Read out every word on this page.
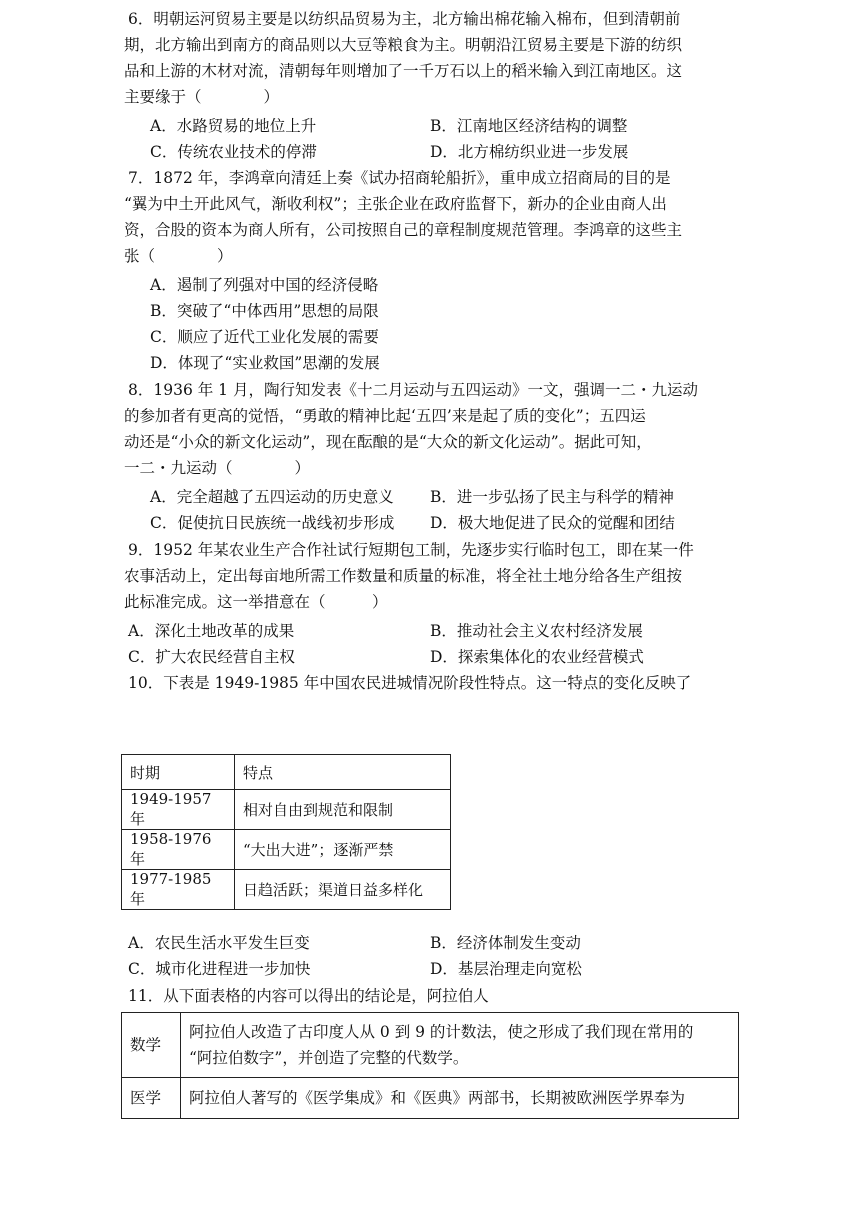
6．明朝运河贸易主要是以纺织品贸易为主，北方输出棉花输入棉布，但到清朝前
期，北方输出到南方的商品则以大豆等粮食为主。明朝沿江贸易主要是下游的纺织
品和上游的木材对流，清朝每年则增加了一千万石以上的稻米输入到江南地区。这
主要缘于（　　　　）
A．水路贸易的地位上升	B．江南地区经济结构的调整
C．传统农业技术的停滞	D．北方棉纺织业进一步发展
7．1872 年，李鸿章向清廷上奏《试办招商轮船折》，重申成立招商局的目的是
“翼为中土开此风气，渐收利权”；主张企业在政府监督下，新办的企业由商人出
资，合股的资本为商人所有，公司按照自己的章程制度规范管理。李鸿章的这些主
张（　　　　）
A．遏制了列强对中国的经济侵略
B．突破了“中体西用”思想的局限
C．顺应了近代工业化发展的需要
D．体现了“实业救国”思潮的发展
8．1936 年 1 月，陶行知发表《十二月运动与五四运动》一文，强调一二・九运动
的参加者有更高的觉悟，“勇敢的精神比起‘五四’来是起了质的变化”；五四运
动还是“小众的新文化运动”，现在酝酿的是“大众的新文化运动”。据此可知，
一二・九运动（　　　　）
A．完全超越了五四运动的历史意义 B．进一步弘扬了民主与科学的精神
C．促使抗日民族统一战线初步形成 D．极大地促进了民众的觉醒和团结
9．1952 年某农业生产合作社试行短期包工制，先逐步实行临时包工，即在某一件
农事活动上，定出每亩地所需工作数量和质量的标准，将全社土地分给各生产组按
此标准完成。这一举措意在（　　　）
A．深化土地改革的成果	B．推动社会主义农村经济发展
C．扩大农民经营自主权	D．探索集体化的农业经营模式
10．下表是 1949-1985 年中国农民进城情况阶段性特点。这一特点的变化反映了
时期	特点
1949-1957 年	相对自由到规范和限制
1958-1976 年	“大出大进”；逐渐严禁
1977-1985 年	日趋活跃；渠道日益多样化
A．农民生活水平发生巨变	B．经济体制发生变动
C．城市化进程进一步加快	D．基层治理走向宽松
11．从下面表格的内容可以得出的结论是，阿拉伯人
数学	阿拉伯人改造了古印度人从 0 到 9 的计数法，使之形成了我们现在常用的
“阿拉伯数字”，并创造了完整的代数学。

医学	阿拉伯人著写的《医学集成》和《医典》两部书，长期被欧洲医学界奉为
